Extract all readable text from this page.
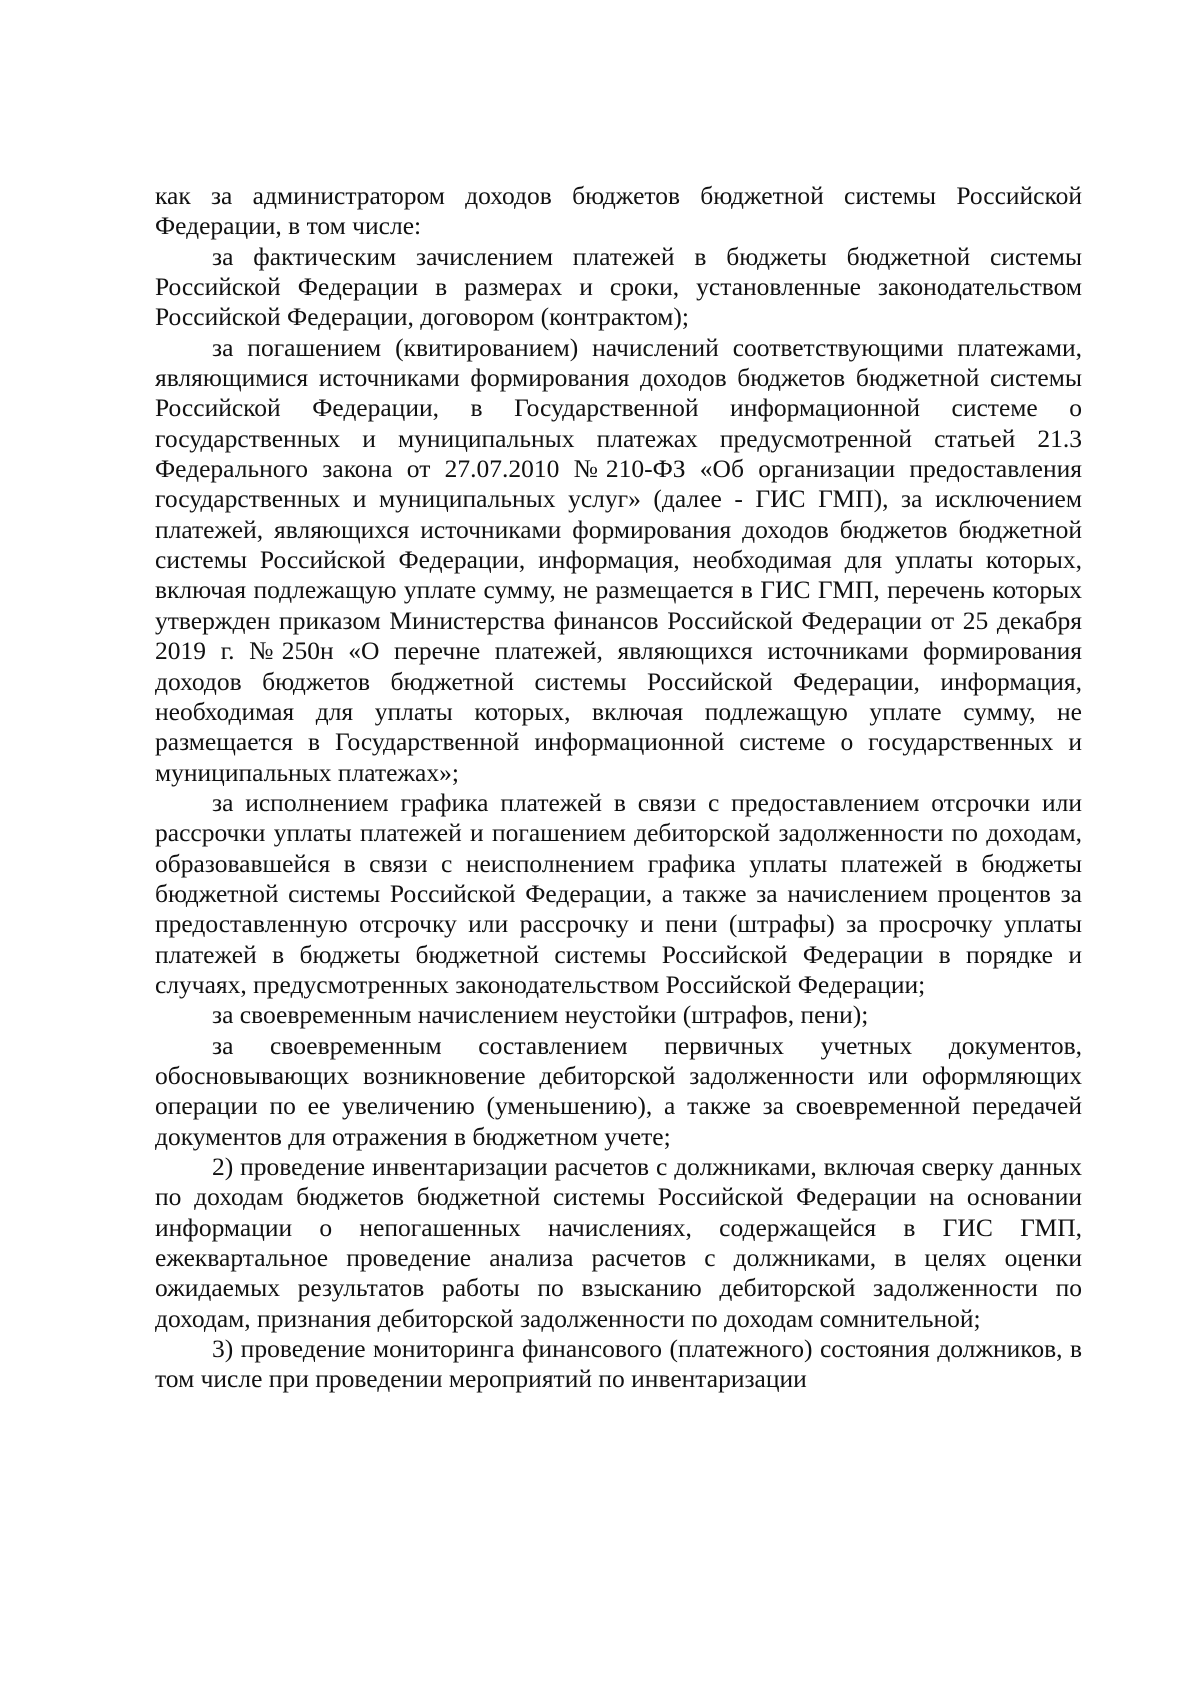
как за администратором доходов бюджетов бюджетной системы Российской Федерации, в том числе:

за фактическим зачислением платежей в бюджеты бюджетной системы Российской Федерации в размерах и сроки, установленные законодательством Российской Федерации, договором (контрактом);

за погашением (квитированием) начислений соответствующими платежами, являющимися источниками формирования доходов бюджетов бюджетной системы Российской Федерации, в Государственной информационной системе о государственных и муниципальных платежах предусмотренной статьей 21.3 Федерального закона от 27.07.2010 №210-ФЗ «Об организации предоставления государственных и муниципальных услуг» (далее - ГИС ГМП), за исключением платежей, являющихся источниками формирования доходов бюджетов бюджетной системы Российской Федерации, информация, необходимая для уплаты которых, включая подлежащую уплате сумму, не размещается в ГИС ГМП, перечень которых утвержден приказом Министерства финансов Российской Федерации от 25 декабря 2019 г. №250н «О перечне платежей, являющихся источниками формирования доходов бюджетов бюджетной системы Российской Федерации, информация, необходимая для уплаты которых, включая подлежащую уплате сумму, не размещается в Государственной информационной системе о государственных и муниципальных платежах»;

за исполнением графика платежей в связи с предоставлением отсрочки или рассрочки уплаты платежей и погашением дебиторской задолженности по доходам, образовавшейся в связи с неисполнением графика уплаты платежей в бюджеты бюджетной системы Российской Федерации, а также за начислением процентов за предоставленную отсрочку или рассрочку и пени (штрафы) за просрочку уплаты платежей в бюджеты бюджетной системы Российской Федерации в порядке и случаях, предусмотренных законодательством Российской Федерации;

за своевременным начислением неустойки (штрафов, пени);

за своевременным составлением первичных учетных документов, обосновывающих возникновение дебиторской задолженности или оформляющих операции по ее увеличению (уменьшению), а также за своевременной передачей документов для отражения в бюджетном учете;

2) проведение инвентаризации расчетов с должниками, включая сверку данных по доходам бюджетов бюджетной системы Российской Федерации на основании информации о непогашенных начислениях, содержащейся в ГИС ГМП, ежеквартальное проведение анализа расчетов с должниками, в целях оценки ожидаемых результатов работы по взысканию дебиторской задолженности по доходам, признания дебиторской задолженности по доходам сомнительной;

3) проведение мониторинга финансового (платежного) состояния должников, в том числе при проведении мероприятий по инвентаризации
